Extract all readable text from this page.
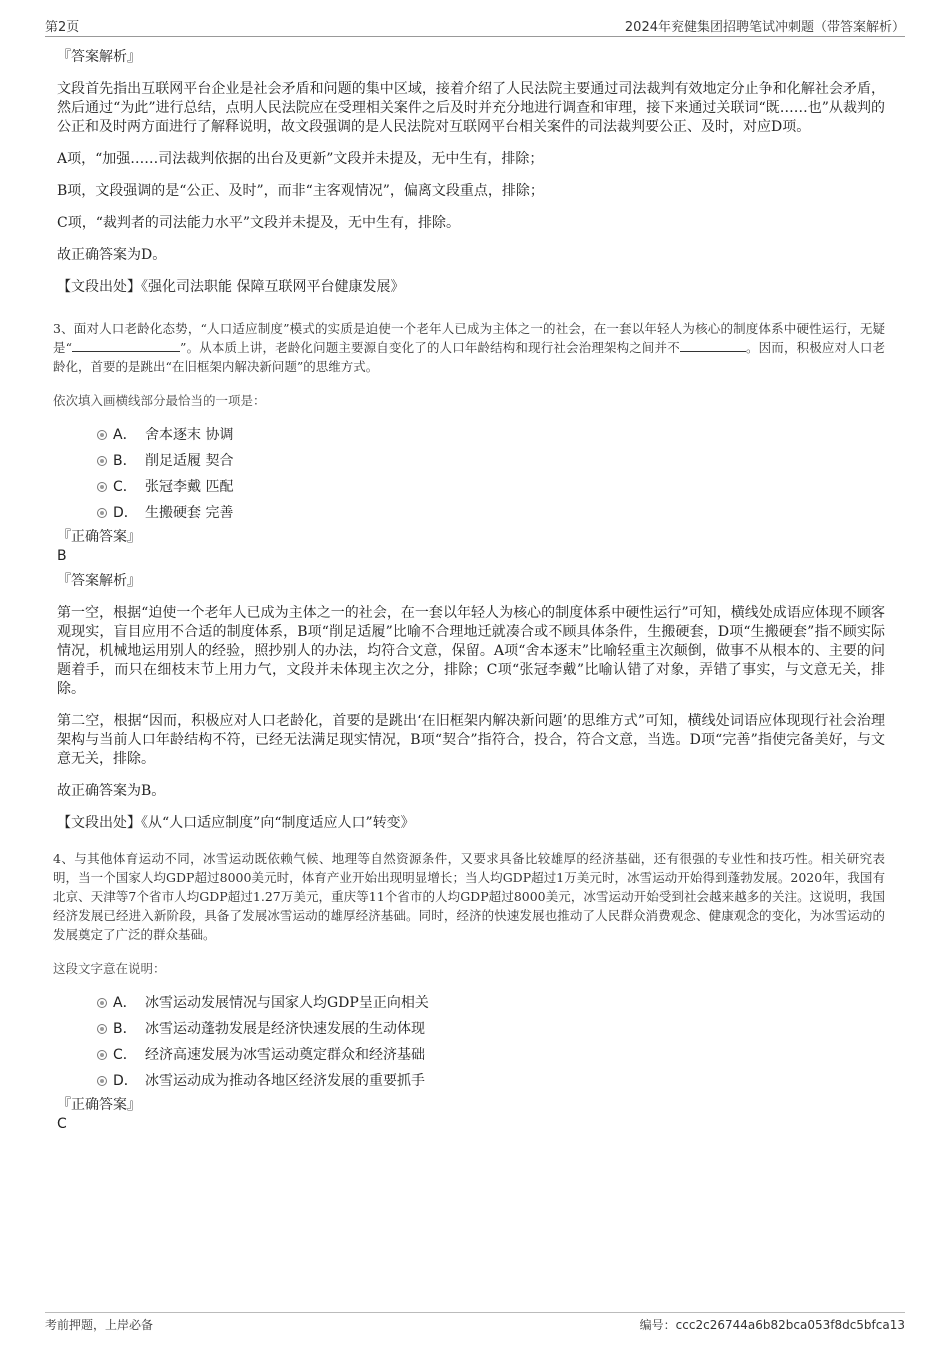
第2页	2024年兖健集团招聘笔试冲刺题（带答案解析）

『答案解析』

文段首先指出互联网平台企业是社会矛盾和问题的集中区域，接着介绍了人民法院主要通过司法裁判有效地定分止争和化解社会矛盾，然后通过“为此”进行总结，点明人民法院应在受理相关案件之后及时并充分地进行调查和审理，接下来通过关联词“既……也”从裁判的公正和及时两方面进行了解释说明，故文段强调的是人民法院对互联网平台相关案件的司法裁判要公正、及时，对应D项。

A项，“加强……司法裁判依据的出台及更新”文段并未提及，无中生有，排除；

B项，文段强调的是“公正、及时”，而非“主客观情况”，偏离文段重点，排除；

C项，“裁判者的司法能力水平”文段并未提及，无中生有，排除。

故正确答案为D。

【文段出处】《强化司法职能 保障互联网平台健康发展》

3、面对人口老龄化态势，“人口适应制度”模式的实质是迫使一个老年人已成为主体之一的社会，在一套以年轻人为核心的制度体系中硬性运行，无疑是“	”。从本质上讲，老龄化问题主要源自变化了的人口年龄结构和现行社会治理架构之间并不	。因而，积极应对人口老龄化，首要的是跳出“在旧框架内解决新问题”的思维方式。

依次填入画横线部分最恰当的一项是：

A． 舍本逐末 协调
B． 削足适履 契合
C． 张冠李戴 匹配
D． 生搬硬套 完善

『正确答案』

B

『答案解析』

第一空，根据“迫使一个老年人已成为主体之一的社会，在一套以年轻人为核心的制度体系中硬性运行”可知，横线处成语应体现不顾客观现实，盲目应用不合适的制度体系，B项“削足适履”比喻不合理地迁就凑合或不顾具体条件，生搬硬套，D项“生搬硬套”指不顾实际情况，机械地运用别人的经验，照抄别人的办法，均符合文意，保留。A项“舍本逐末”比喻轻重主次颠倒，做事不从根本的、主要的问题着手，而只在细枝末节上用力气，文段并未体现主次之分，排除；C项“张冠李戴”比喻认错了对象，弄错了事实，与文意无关，排除。

第二空，根据“因而，积极应对人口老龄化，首要的是跳出‘在旧框架内解决新问题’的思维方式”可知，横线处词语应体现现行社会治理架构与当前人口年龄结构不符，已经无法满足现实情况，B项“契合”指符合，投合，符合文意，当选。D项“完善”指使完备美好，与文意无关，排除。

故正确答案为B。

【文段出处】《从“人口适应制度”向“制度适应人口”转变》

4、与其他体育运动不同，冰雪运动既依赖气候、地理等自然资源条件，又要求具备比较雄厚的经济基础，还有很强的专业性和技巧性。相关研究表明，当一个国家人均GDP超过8000美元时，体育产业开始出现明显增长；当人均GDP超过1万美元时，冰雪运动开始得到蓬勃发展。2020年，我国有北京、天津等7个省市人均GDP超过1.27万美元，重庆等11个省市的人均GDP超过8000美元，冰雪运动开始受到社会越来越多的关注。这说明，我国经济发展已经进入新阶段，具备了发展冰雪运动的雄厚经济基础。同时，经济的快速发展也推动了人民群众消费观念、健康观念的变化，为冰雪运动的发展奠定了广泛的群众基础。

这段文字意在说明：

A． 冰雪运动发展情况与国家人均GDP呈正向相关
B． 冰雪运动蓬勃发展是经济快速发展的生动体现
C． 经济高速发展为冰雪运动奠定群众和经济基础
D． 冰雪运动成为推动各地区经济发展的重要抓手

『正确答案』

C

考前押题，上岸必备	编号：ccc2c26744a6b82bca053f8dc5bfca13
